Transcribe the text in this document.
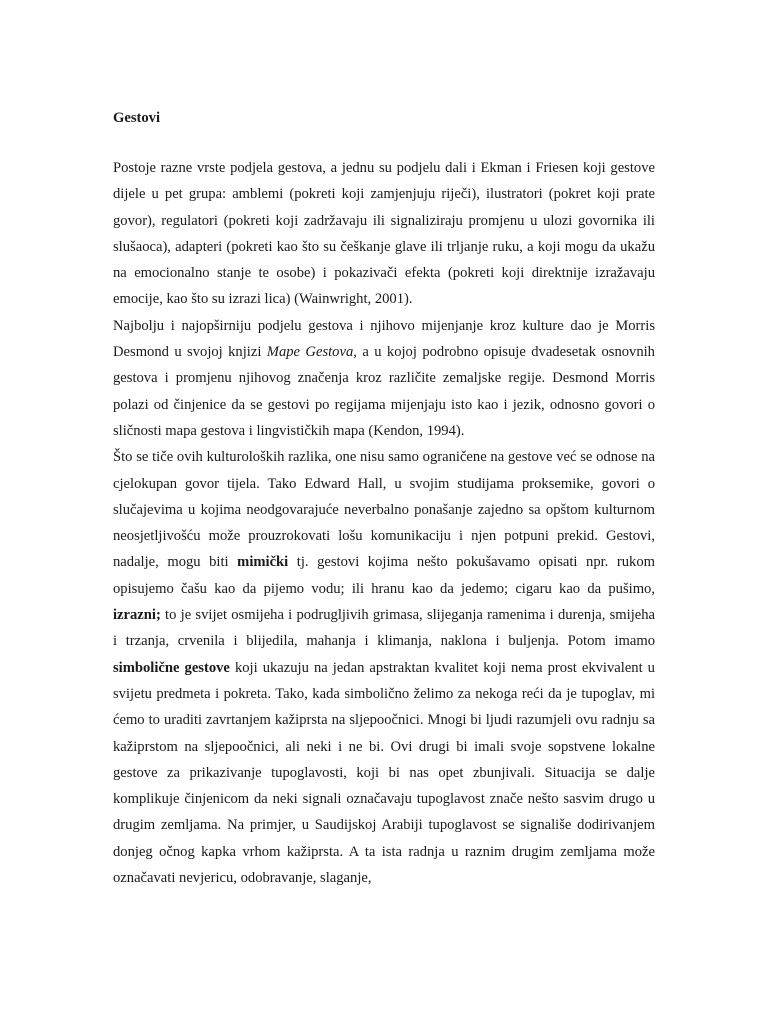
Gestovi

Postoje razne vrste podjela gestova, a jednu su podjelu dali i Ekman i Friesen koji gestove dijele u pet grupa: amblemi (pokreti koji zamjenjuju riječi), ilustratori (pokret koji prate govor), regulatori (pokreti koji zadržavaju ili signaliziraju promjenu u ulozi govornika ili slušaoca), adapteri (pokreti kao što su češkanje glave ili trljanje ruku, a koji mogu da ukažu na emocionalno stanje te osobe) i pokazivači efekta (pokreti koji direktnije izražavaju emocije, kao što su izrazi lica) (Wainwright, 2001).

Najbolju i najopširniju podjelu gestova i njihovo mijenjanje kroz kulture dao je Morris Desmond u svojoj knjizi Mape Gestova, a u kojoj podrobno opisuje dvadesetak osnovnih gestova i promjenu njihovog značenja kroz različite zemaljske regije. Desmond Morris polazi od činjenice da se gestovi po regijama mijenjaju isto kao i jezik, odnosno govori o sličnosti mapa gestova i lingvističkih mapa (Kendon, 1994).

Što se tiče ovih kulturoloških razlika, one nisu samo ograničene na gestove već se odnose na cjelokupan govor tijela. Tako Edward Hall, u svojim studijama proksemike, govori o slučajevima u kojima neodgovarajuće neverbalno ponašanje zajedno sa opštom kulturnom neosjetljivošću može prouzrokovati lošu komunikaciju i njen potpuni prekid. Gestovi, nadalje, mogu biti mimički tj. gestovi kojima nešto pokušavamo opisati npr. rukom opisujemo čašu kao da pijemo vodu; ili hranu kao da jedemo; cigaru kao da pušimo, izrazni; to je svijet osmijeha i podrugljivih grimasa, slijeganja ramenima i durenja, smijeha i trzanja, crvenila i blijedila, mahanja i klimanja, naklona i buljenja. Potom imamo simbolične gestove koji ukazuju na jedan apstraktan kvalitet koji nema prost ekvivalent u svijetu predmeta i pokreta. Tako, kada simbolično želimo za nekoga reći da je tupoglav, mi ćemo to uraditi zavrtanjem kažiprsta na sljepoočnici. Mnogi bi ljudi razumjeli ovu radnju sa kažiprstom na sljepoočnici, ali neki i ne bi. Ovi drugi bi imali svoje sopstvene lokalne gestove za prikazivanje tupoglavosti, koji bi nas opet zbunjivali. Situacija se dalje komplikuje činjenicom da neki signali označavaju tupoglavost znače nešto sasvim drugo u drugim zemljama. Na primjer, u Saudijskoj Arabiji tupoglavost se signališe dodirivanjem donjeg očnog kapka vrhom kažiprsta. A ta ista radnja u raznim drugim zemljama može označavati nevjericu, odobravanje, slaganje,
